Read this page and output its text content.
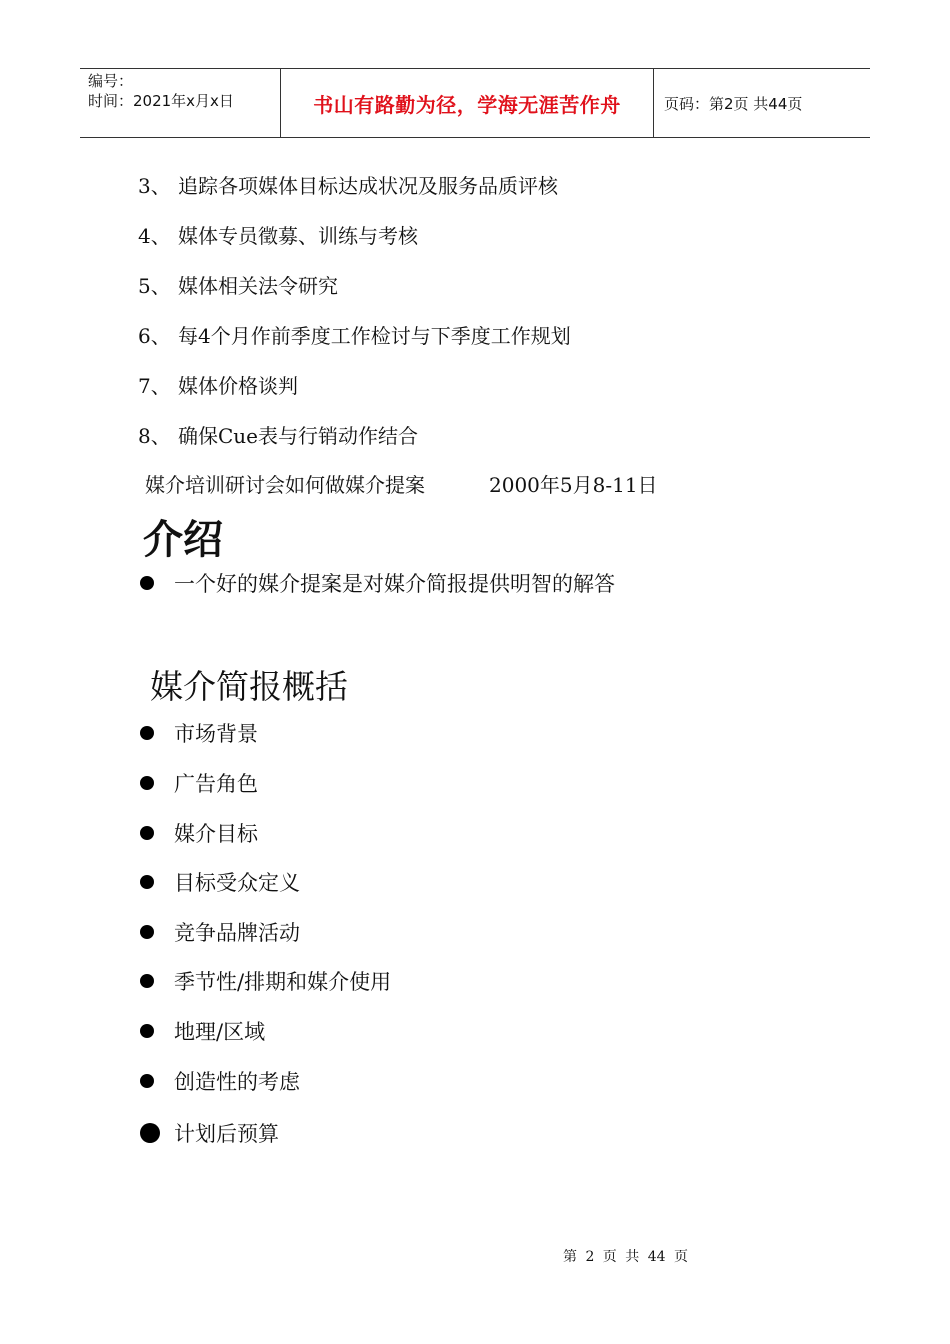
编号：
时间：2021年x月x日	书山有路勤为径，学海无涯苦作舟	页码：第2页 共44页
3、 追踪各项媒体目标达成状况及服务品质评核
4、 媒体专员徵募、训练与考核
5、 媒体相关法令研究
6、 每4个月作前季度工作检讨与下季度工作规划
7、 媒体价格谈判
8、 确保Cue表与行销动作结合
媒介培训研讨会如何做媒介提案	2000年5月8-11日
介绍
一个好的媒介提案是对媒介简报提供明智的解答
媒介简报概括
市场背景
广告角色
媒介目标
目标受众定义
竞争品牌活动
季节性/排期和媒介使用
地理/区域
创造性的考虑
计划后预算
第 2 页 共 44 页
